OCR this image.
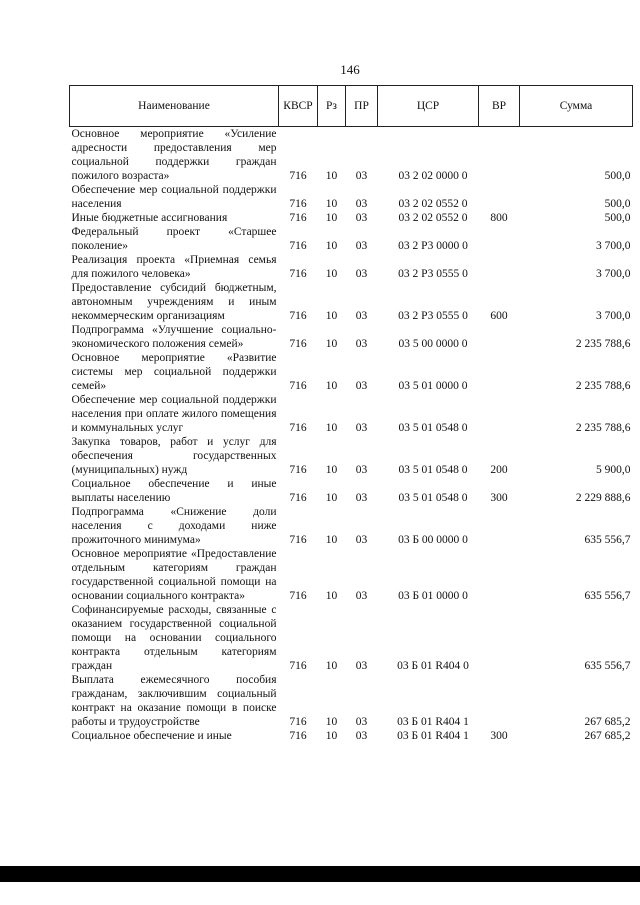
146
Наименование	КВСР	Рз	ПР	ЦСР	ВР	Сумма
Основное мероприятие «Усиление адресности предоставления мер социальной поддержки граждан пожилого возраста»	716	10	03	03 2 02 0000 0		500,0
Обеспечение мер социальной поддержки населения	716	10	03	03 2 02 0552 0		500,0
Иные бюджетные ассигнования	716	10	03	03 2 02 0552 0	800	500,0
Федеральный проект «Старшее поколение»	716	10	03	03 2 P3 0000 0		3 700,0
Реализация проекта «Приемная семья для пожилого человека»	716	10	03	03 2 P3 0555 0		3 700,0
Предоставление субсидий бюджетным, автономным учреждениям и иным некоммерческим организациям	716	10	03	03 2 P3 0555 0	600	3 700,0
Подпрограмма «Улучшение социально-экономического положения семей»	716	10	03	03 5 00 0000 0		2 235 788,6
Основное мероприятие «Развитие системы мер социальной поддержки семей»	716	10	03	03 5 01 0000 0		2 235 788,6
Обеспечение мер социальной поддержки населения при оплате жилого помещения и коммунальных услуг	716	10	03	03 5 01 0548 0		2 235 788,6
Закупка товаров, работ и услуг для обеспечения государственных (муниципальных) нужд	716	10	03	03 5 01 0548 0	200	5 900,0
Социальное обеспечение и иные выплаты населению	716	10	03	03 5 01 0548 0	300	2 229 888,6
Подпрограмма «Снижение доли населения с доходами ниже прожиточного минимума»	716	10	03	03 Б 00 0000 0		635 556,7
Основное мероприятие «Предоставление отдельным категориям граждан государственной социальной помощи на основании социального контракта»	716	10	03	03 Б 01 0000 0		635 556,7
Софинансируемые расходы, связанные с оказанием государственной социальной помощи на основании социального контракта отдельным категориям граждан	716	10	03	03 Б 01 R404 0		635 556,7
Выплата ежемесячного пособия гражданам, заключившим социальный контракт на оказание помощи в поиске работы и трудоустройстве	716	10	03	03 Б 01 R404 1		267 685,2
Социальное обеспечение и иные	716	10	03	03 Б 01 R404 1	300	267 685,2
